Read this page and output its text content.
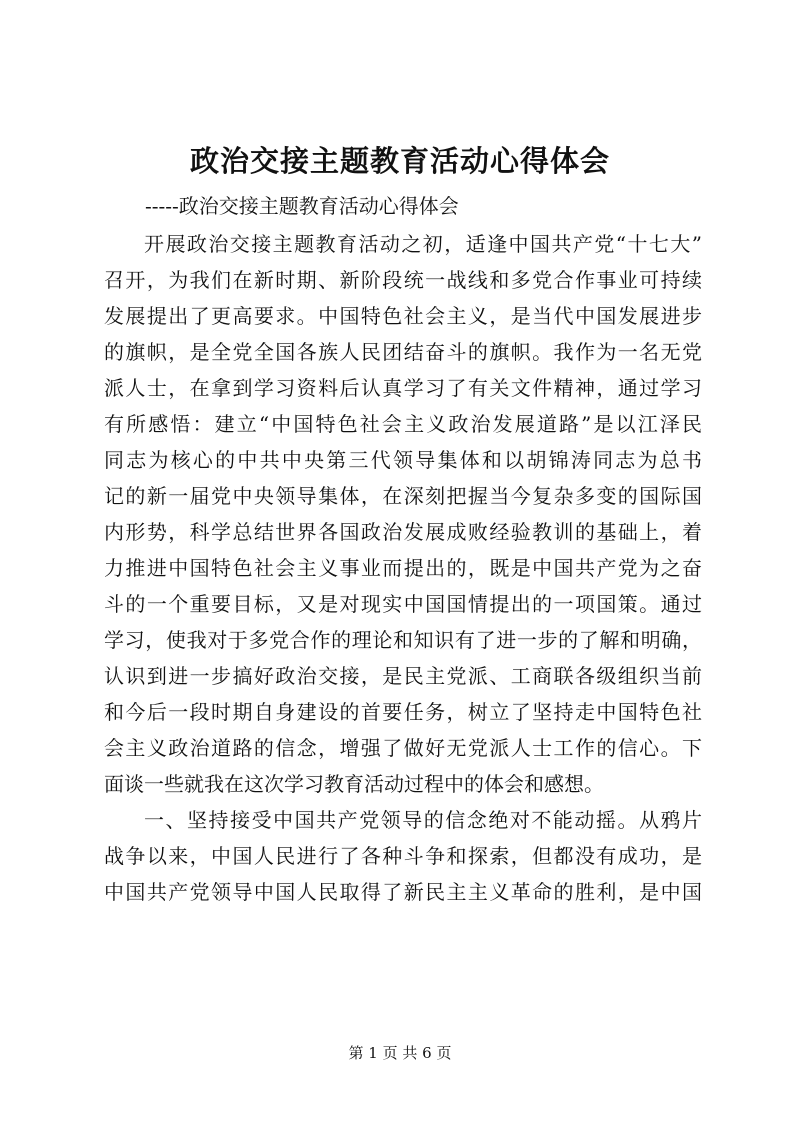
政治交接主题教育活动心得体会

-----政治交接主题教育活动心得体会

开展政治交接主题教育活动之初，适逢中国共产党“十七大”

召开，为我们在新时期、新阶段统一战线和多党合作事业可持续

发展提出了更高要求。中国特色社会主义，是当代中国发展进步

的旗帜，是全党全国各族人民团结奋斗的旗帜。我作为一名无党

派人士，在拿到学习资料后认真学习了有关文件精神，通过学习

有所感悟：建立“中国特色社会主义政治发展道路”是以江泽民

同志为核心的中共中央第三代领导集体和以胡锦涛同志为总书

记的新一届党中央领导集体，在深刻把握当今复杂多变的国际国

内形势，科学总结世界各国政治发展成败经验教训的基础上，着

力推进中国特色社会主义事业而提出的，既是中国共产党为之奋

斗的一个重要目标，又是对现实中国国情提出的一项国策。通过

学习，使我对于多党合作的理论和知识有了进一步的了解和明确，

认识到进一步搞好政治交接，是民主党派、工商联各级组织当前

和今后一段时期自身建设的首要任务，树立了坚持走中国特色社

会主义政治道路的信念，增强了做好无党派人士工作的信心。下

面谈一些就我在这次学习教育活动过程中的体会和感想。

一、坚持接受中国共产党领导的信念绝对不能动摇。从鸦片

战争以来，中国人民进行了各种斗争和探索，但都没有成功，是

中国共产党领导中国人民取得了新民主主义革命的胜利，是中国

第 1 页 共 6 页
